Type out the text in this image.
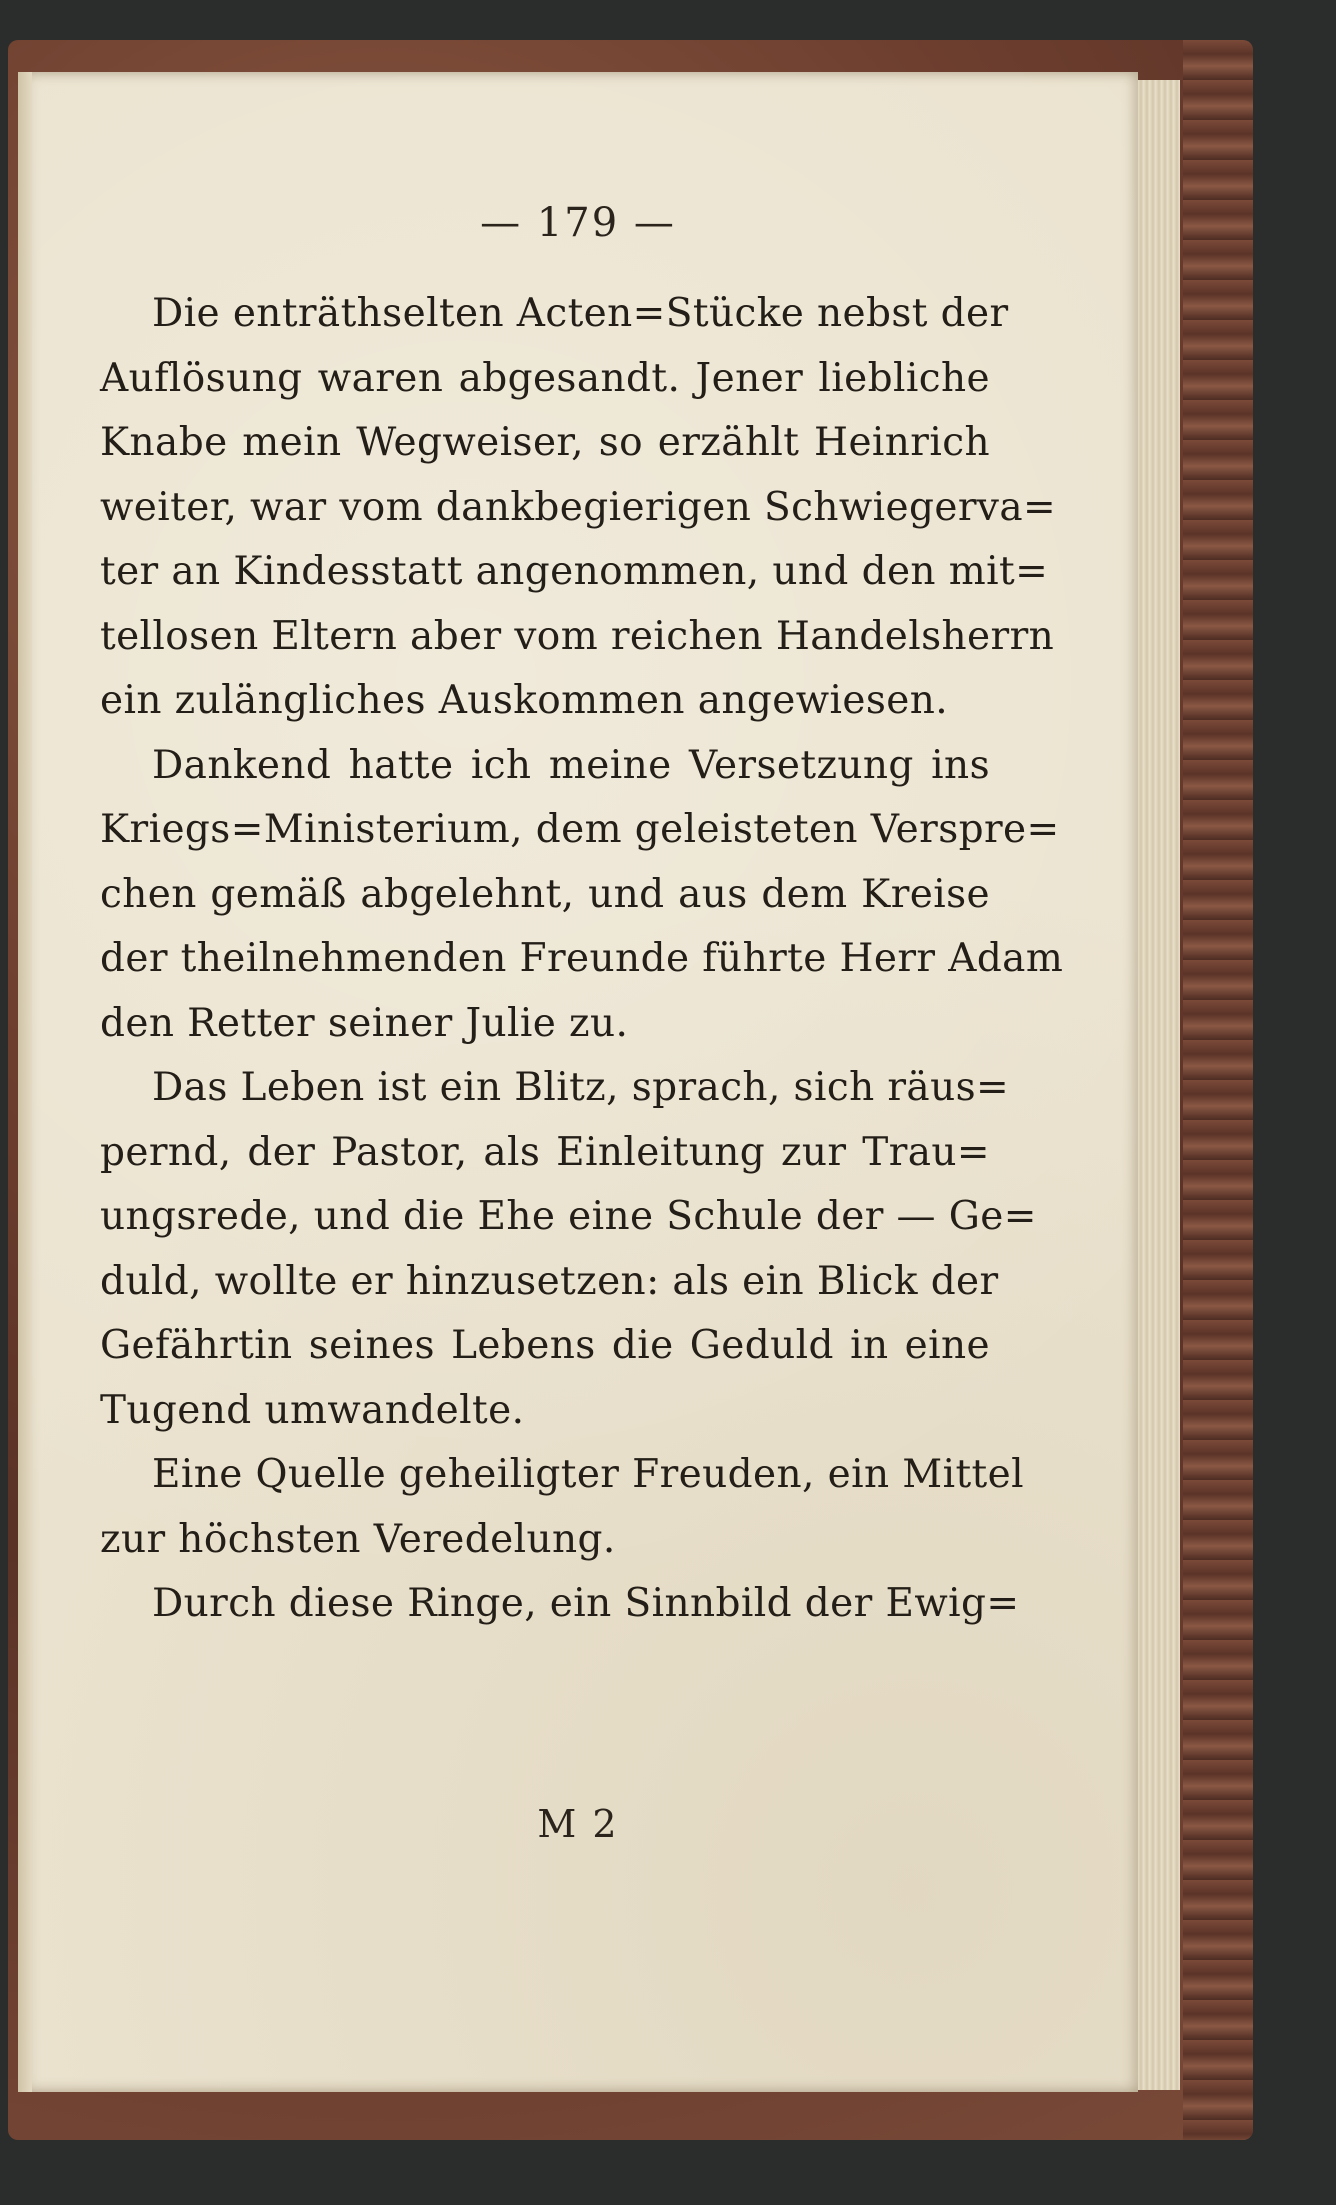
— 179 —
Die enträthselten Acten=Stücke nebst der
Auflösung waren abgesandt. Jener liebliche
Knabe mein Wegweiser, so erzählt Heinrich
weiter, war vom dankbegierigen Schwiegerva=
ter an Kindesstatt angenommen, und den mit=
tellosen Eltern aber vom reichen Handelsherrn
ein zulängliches Auskommen angewiesen.
Dankend hatte ich meine Versetzung ins
Kriegs=Ministerium, dem geleisteten Verspre=
chen gemäß abgelehnt, und aus dem Kreise
der theilnehmenden Freunde führte Herr Adam
den Retter seiner Julie zu.
Das Leben ist ein Blitz, sprach, sich räus=
pernd, der Pastor, als Einleitung zur Trau=
ungsrede, und die Ehe eine Schule der — Ge=
duld, wollte er hinzusetzen: als ein Blick der
Gefährtin seines Lebens die Geduld in eine
Tugend umwandelte.
Eine Quelle geheiligter Freuden, ein Mittel
zur höchsten Veredelung.
Durch diese Ringe, ein Sinnbild der Ewig=
M 2
